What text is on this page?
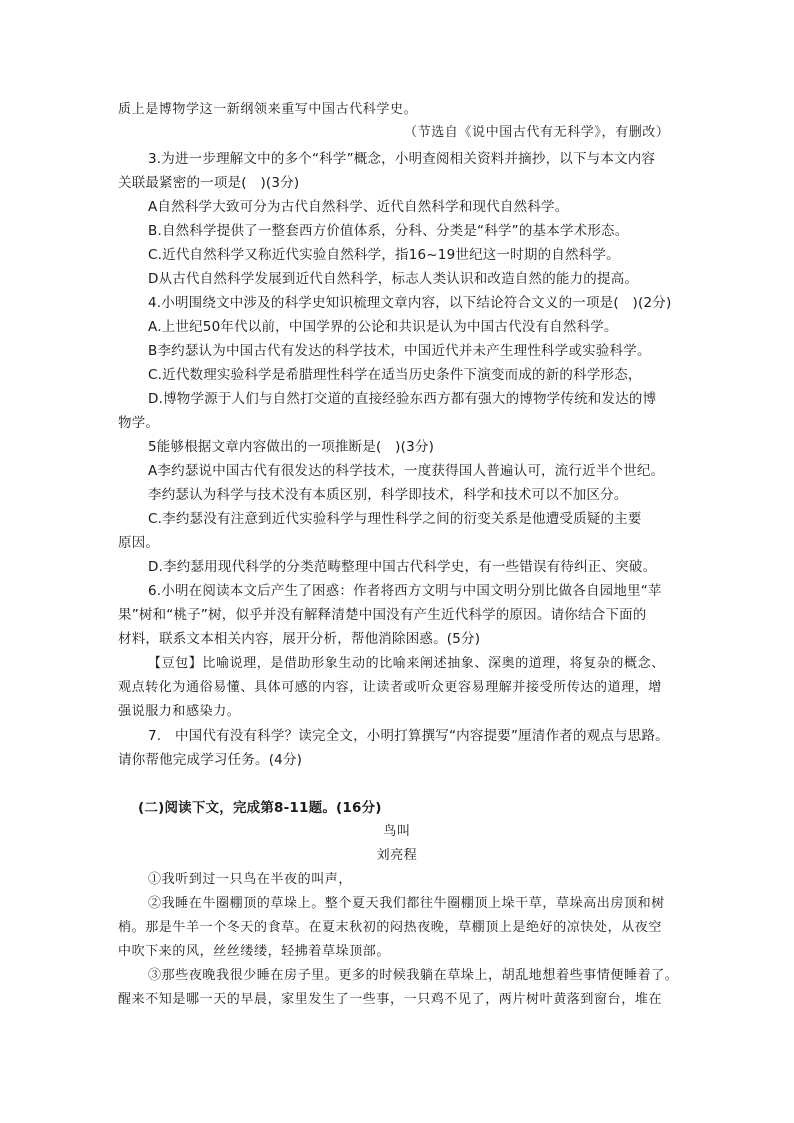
质上是博物学这一新纲领来重写中国古代科学史。
（节选自《说中国古代有无科学》，有删改）
3.为进一步理解文中的多个“科学”概念，小明查阅相关资料并摘抄，以下与本文内容
关联最紧密的一项是(　)(3分)
A自然科学大致可分为古代自然科学、近代自然科学和现代自然科学。
B.自然科学提供了一整套西方价值体系，分科、分类是“科学”的基本学术形态。
C.近代自然科学又称近代实验自然科学，指16~19世纪这一时期的自然科学。
D从古代自然科学发展到近代自然科学，标志人类认识和改造自然的能力的提高。
4.小明围绕文中涉及的科学史知识梳理文章内容，以下结论符合文义的一项是(　)(2分)
A.上世纪50年代以前，中国学界的公论和共识是认为中国古代没有自然科学。
B李约瑟认为中国古代有发达的科学技术，中国近代并未产生理性科学或实验科学。
C.近代数理实验科学是希腊理性科学在适当历史条件下演变而成的新的科学形态，
D.博物学源于人们与自然打交道的直接经验东西方都有强大的博物学传统和发达的博
物学。
5能够根据文章内容做出的一项推断是(　)(3分)
A李约瑟说中国古代有很发达的科学技术，一度获得国人普遍认可，流行近半个世纪。
李约瑟认为科学与技术没有本质区别，科学即技术，科学和技术可以不加区分。
C.李约瑟没有注意到近代实验科学与理性科学之间的衍变关系是他遭受质疑的主要
原因。
D.李约瑟用现代科学的分类范畴整理中国古代科学史，有一些错误有待纠正、突破。
6.小明在阅读本文后产生了困惑：作者将西方文明与中国文明分别比做各自园地里“苹
果”树和“桃子”树，似乎并没有解释清楚中国没有产生近代科学的原因。请你结合下面的
材料，联系文本相关内容，展开分析，帮他消除困惑。(5分)
【豆包】比喻说理，是借助形象生动的比喻来阐述抽象、深奥的道理，将复杂的概念、
观点转化为通俗易懂、具体可感的内容，让读者或听众更容易理解并接受所传达的道理，增
强说服力和感染力。
7.　中国代有没有科学？读完全文，小明打算撰写“内容提要”厘清作者的观点与思路。
请你帮他完成学习任务。(4分)
(二)阅读下文，完成第8-11题。(16分)
鸟叫
刘亮程
①我听到过一只鸟在半夜的叫声，
②我睡在牛圈棚顶的草垛上。整个夏天我们都往牛圈棚顶上垛干草，草垛高出房顶和树
梢。那是牛羊一个冬天的食草。在夏末秋初的闷热夜晚，草棚顶上是绝好的凉快处，从夜空
中吹下来的风，丝丝缕缕，轻拂着草垛顶部。
③那些夜晚我很少睡在房子里。更多的时候我躺在草垛上，胡乱地想着些事情便睡着了。
醒来不知是哪一天的早晨，家里发生了一些事，一只鸡不见了，两片树叶黄落到窗台，堆在
